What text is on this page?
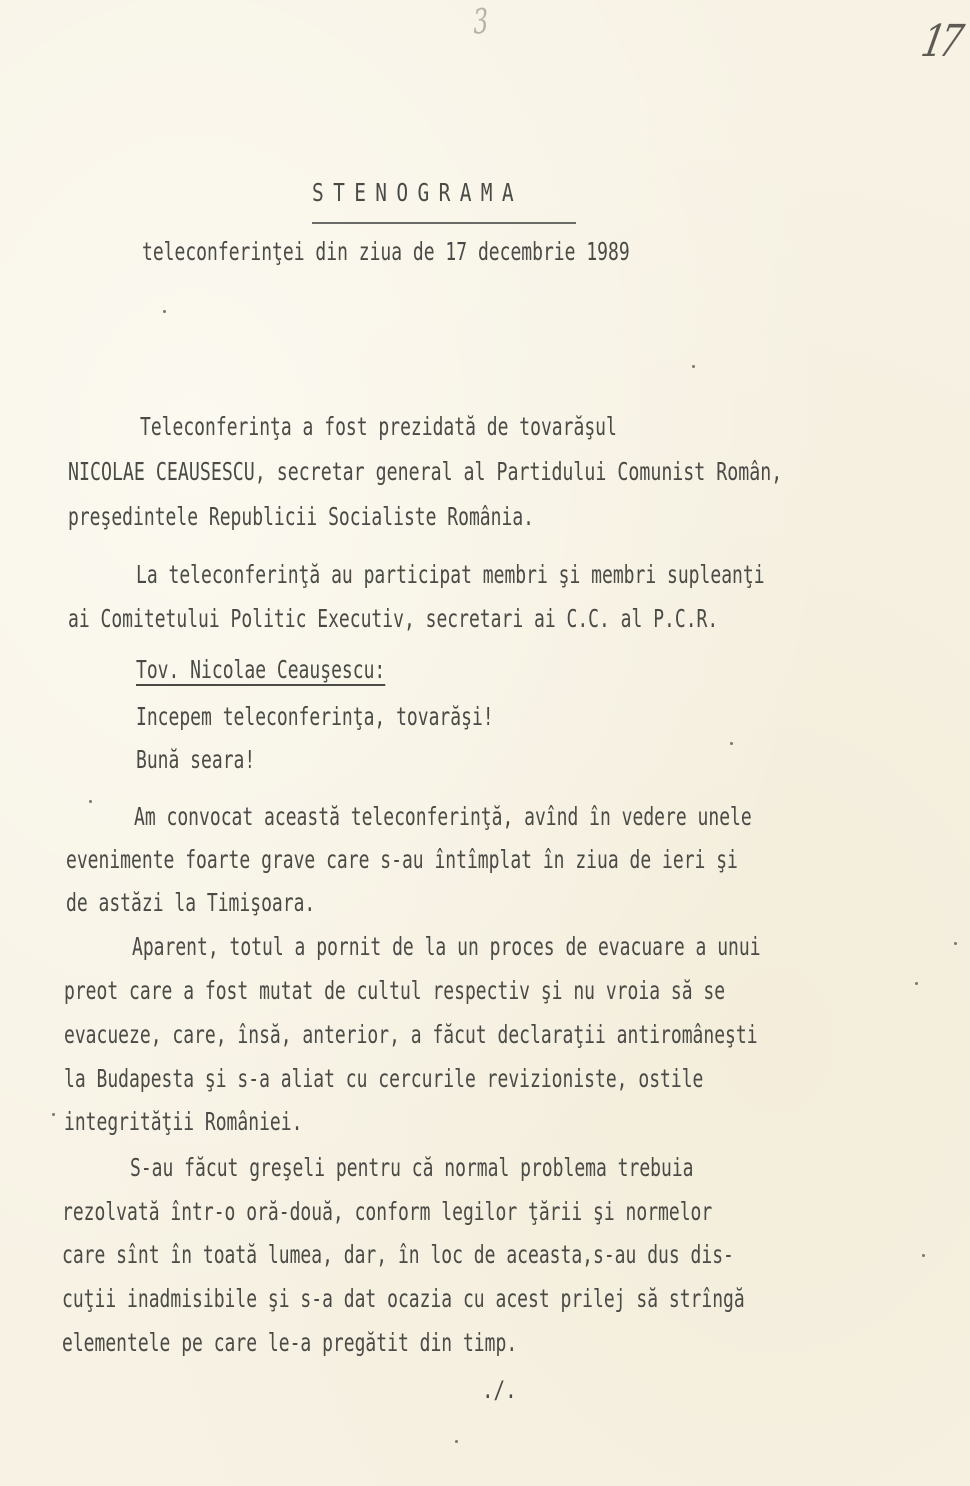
3	17
STENOGRAMA
teleconferinţei din ziua de 17 decembrie 1989
Teleconferinţa a fost prezidată de tovarăşul
NICOLAE CEAUSESCU, secretar general al Partidului Comunist Român,
preşedintele Republicii Socialiste România.
La teleconferinţă au participat membri şi membri supleanţi
ai Comitetului Politic Executiv, secretari ai C.C. al P.C.R.
Tov. Nicolae Ceauşescu:
Incepem teleconferinţa, tovarăşi!
Bună seara!
Am convocat această teleconferinţă, avînd în vedere unele
evenimente foarte grave care s-au întîmplat în ziua de ieri şi
de astăzi la Timişoara.
Aparent, totul a pornit de la un proces de evacuare a unui
preot care a fost mutat de cultul respectiv şi nu vroia să se
evacueze, care, însă, anterior, a făcut declaraţii antiromâneşti
la Budapesta şi s-a aliat cu cercurile revizioniste, ostile
integrităţii României.
S-au făcut greşeli pentru că normal problema trebuia
rezolvată într-o oră-două, conform legilor ţării şi normelor
care sînt în toată lumea, dar, în loc de aceasta,s-au dus dis-
cuţii inadmisibile şi s-a dat ocazia cu acest prilej să strîngă
elementele pe care le-a pregătit din timp.
./.
